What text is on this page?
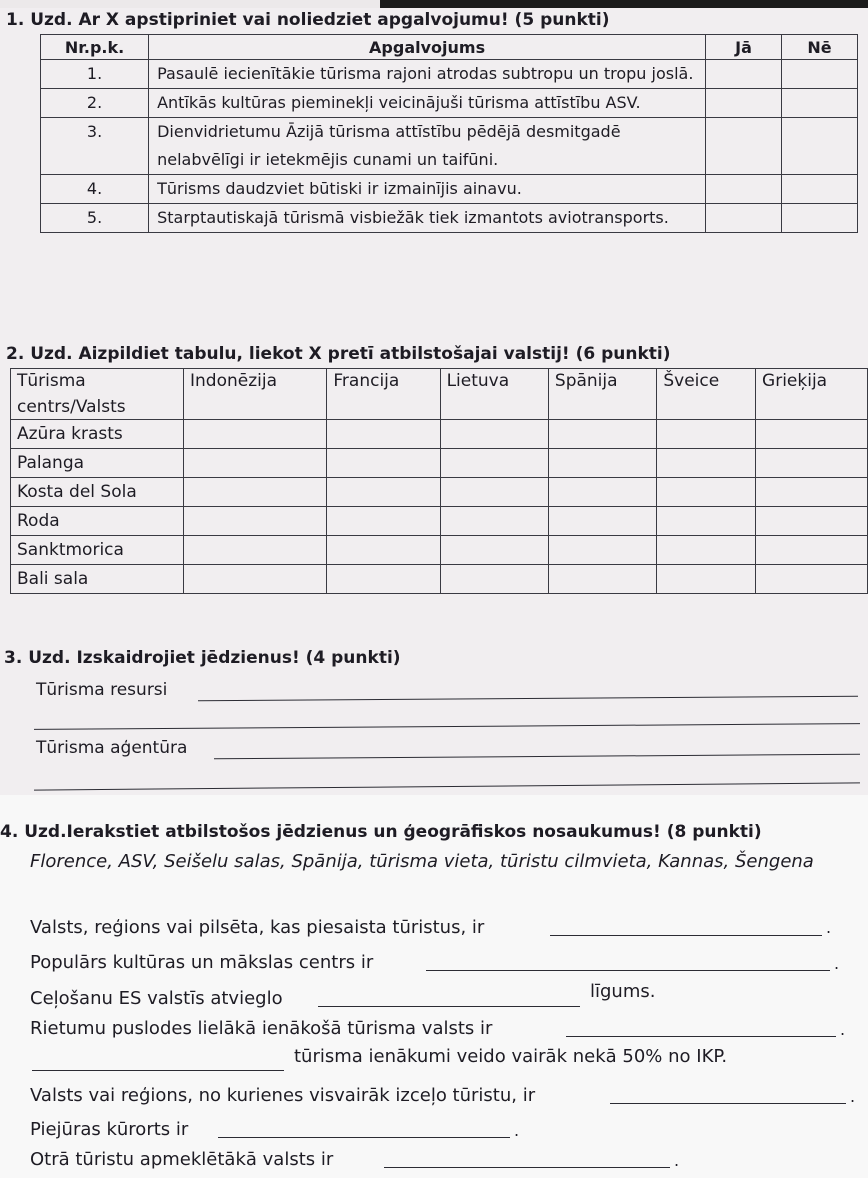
1. Uzd. Ar X apstipriniet vai noliedziet apgalvojumu! (5 punkti)
Nr.p.k.	Apgalvojums	Jā	Nē
1.	Pasaulē iecienītākie tūrisma rajoni atrodas subtropu un tropu joslā.		
2.	Antīkās kultūras pieminekļi veicinājuši tūrisma attīstību ASV.		
3.	Dienvidrietumu Āzijā tūrisma attīstību pēdējā desmitgadē nelabvēlīgi ir ietekmējis cunami un taifūni.		
4.	Tūrisms daudzviet būtiski ir izmainījis ainavu.		
5.	Starptautiskajā tūrismā visbiežāk tiek izmantots aviotransports.		
2. Uzd. Aizpildiet tabulu, liekot X pretī atbilstošajai valstij! (6 punkti)
Tūrisma
centrs/Valsts	Indonēzija	Francija	Lietuva	Spānija	Šveice	Grieķija
Azūra krasts						
Palanga						
Kosta del Sola						
Roda						
Sanktmorica						
Bali sala						
3. Uzd. Izskaidrojiet jēdzienus! (4 punkti)
Tūrisma resursi
Tūrisma aģentūra
4. Uzd.Ierakstiet atbilstošos jēdzienus un ģeogrāfiskos nosaukumus! (8 punkti)
Florence, ASV, Seišelu salas, Spānija, tūrisma vieta, tūristu cilmvieta, Kannas, Šengena
Valsts, reģions vai pilsēta, kas piesaista tūristus, ir	.
Populārs kultūras un mākslas centrs ir	.
Ceļošanu ES valstīs atvieglo	līgums.
Rietumu puslodes lielākā ienākošā tūrisma valsts ir	.
tūrisma ienākumi veido vairāk nekā 50% no IKP.
Valsts vai reģions, no kurienes visvairāk izceļo tūristu, ir	.
Piejūras kūrorts ir	.
Otrā tūristu apmeklētākā valsts ir	.
